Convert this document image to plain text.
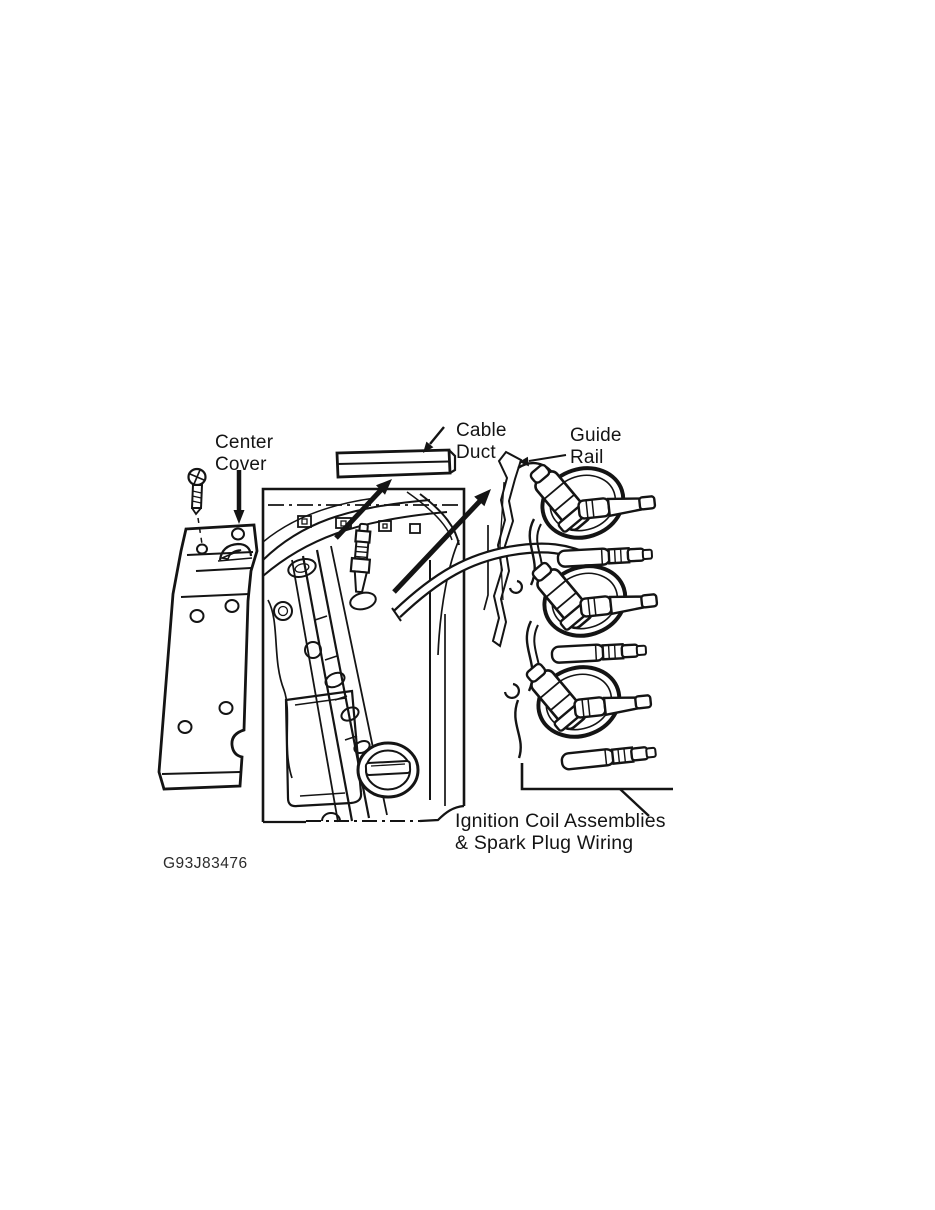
Center
Cover
Cable
Duct
Guide
Rail
Ignition Coil Assemblies
& Spark Plug Wiring
G93J83476
